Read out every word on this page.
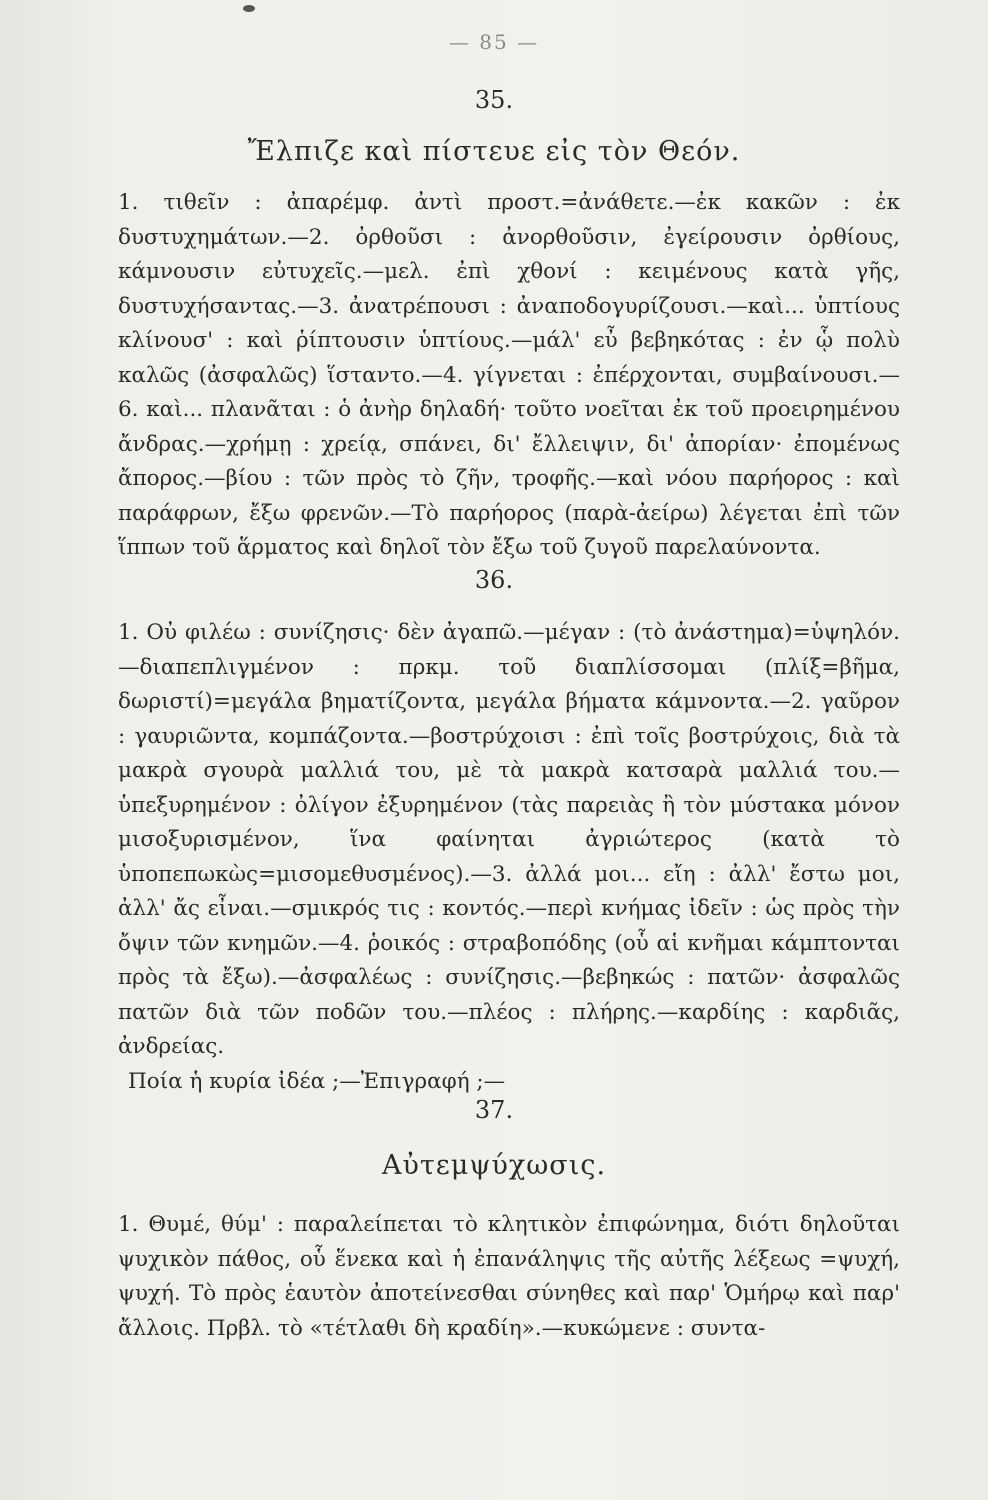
— 85 —
35.
Ἔλπιζε καὶ πίστευε εἰς τὸν Θεόν.

1. τιθεῖν : ἀπαρέμφ. ἀντὶ προστ.=ἀνάθετε.—ἐκ κακῶν : ἐκ δυστυχημάτων.—2. ὀρθοῦσι : ἀνορθοῦσιν, ἐγείρουσιν ὀρθίους, κάμνουσιν εὐτυχεῖς.—μελ. ἐπὶ χθονί : κειμένους κατὰ γῆς, δυστυχήσαντας.—3. ἀνατρέπουσι : ἀναποδογυρίζουσι.—καὶ... ὑπτίους κλίνουσ' : καὶ ῥίπτουσιν ὑπτίους.—μάλ' εὖ βεβηκότας : ἐν ᾧ πολὺ καλῶς (ἀσφαλῶς) ἵσταντο.—4. γίγνεται : ἐπέρχονται, συμβαίνουσι.—6. καὶ... πλανᾶται : ὁ ἀνὴρ δηλαδή· τοῦτο νοεῖται ἐκ τοῦ προειρημένου ἄνδρας.—χρήμῃ : χρείᾳ, σπάνει, δι' ἔλλειψιν, δι' ἀπορίαν· ἐπομένως ἄπορος.—βίου : τῶν πρὸς τὸ ζῆν, τροφῆς.—καὶ νόου παρήορος : καὶ παράφρων, ἔξω φρενῶν.—Τὸ παρήορος (παρὰ-ἀείρω) λέγεται ἐπὶ τῶν ἵππων τοῦ ἅρματος καὶ δηλοῖ τὸν ἔξω τοῦ ζυγοῦ παρελαύνοντα.

36.

1. Οὐ φιλέω : συνίζησις· δὲν ἀγαπῶ.—μέγαν : (τὸ ἀνάστημα)=ὑψηλόν.—διαπεπλιγμένον : πρκμ. τοῦ διαπλίσσομαι (πλίξ=βῆμα, δωριστί)=μεγάλα βηματίζοντα, μεγάλα βήματα κάμνοντα.—2. γαῦρον : γαυριῶντα, κομπάζοντα.—βοστρύχοισι : ἐπὶ τοῖς βοστρύχοις, διὰ τὰ μακρὰ σγουρὰ μαλλιά του, μὲ τὰ μακρὰ κατσαρὰ μαλλιά του.—ὑπεξυρημένον : ὀλίγον ἐξυρημένον (τὰς παρειὰς ἢ τὸν μύστακα μόνον μισοξυρισμένον, ἵνα φαίνηται ἀγριώτερος (κατὰ τὸ ὑποπεπωκὼς=μισομεθυσμένος).—3. ἀλλά μοι... εἴη : ἀλλ' ἔστω μοι, ἀλλ' ἄς εἶναι.—σμικρός τις : κοντός.—περὶ κνήμας ἰδεῖν : ὡς πρὸς τὴν ὄψιν τῶν κνημῶν.—4. ῥοικός : στραβοπόδης (οὗ αἱ κνῆμαι κάμπτονται πρὸς τὰ ἔξω).—ἀσφαλέως : συνίζησις.—βεβηκώς : πατῶν· ἀσφαλῶς πατῶν διὰ τῶν ποδῶν του.—πλέος : πλήρης.—καρδίης : καρδιᾶς, ἀνδρείας.

Ποία ἡ κυρία ἰδέα ;—Ἐπιγραφή ;—

37.
Αὐτεμψύχωσις.

1. Θυμέ, θύμ' : παραλείπεται τὸ κλητικὸν ἐπιφώνημα, διότι δηλοῦται ψυχικὸν πάθος, οὗ ἕνεκα καὶ ἡ ἐπανάληψις τῆς αὐτῆς λέξεως =ψυχή, ψυχή. Τὸ πρὸς ἑαυτὸν ἀποτείνεσθαι σύνηθες καὶ παρ' Ὁμήρῳ καὶ παρ' ἄλλοις. Πρβλ. τὸ «τέτλαθι δὴ κραδίη».—κυκώμενε : συντα-
